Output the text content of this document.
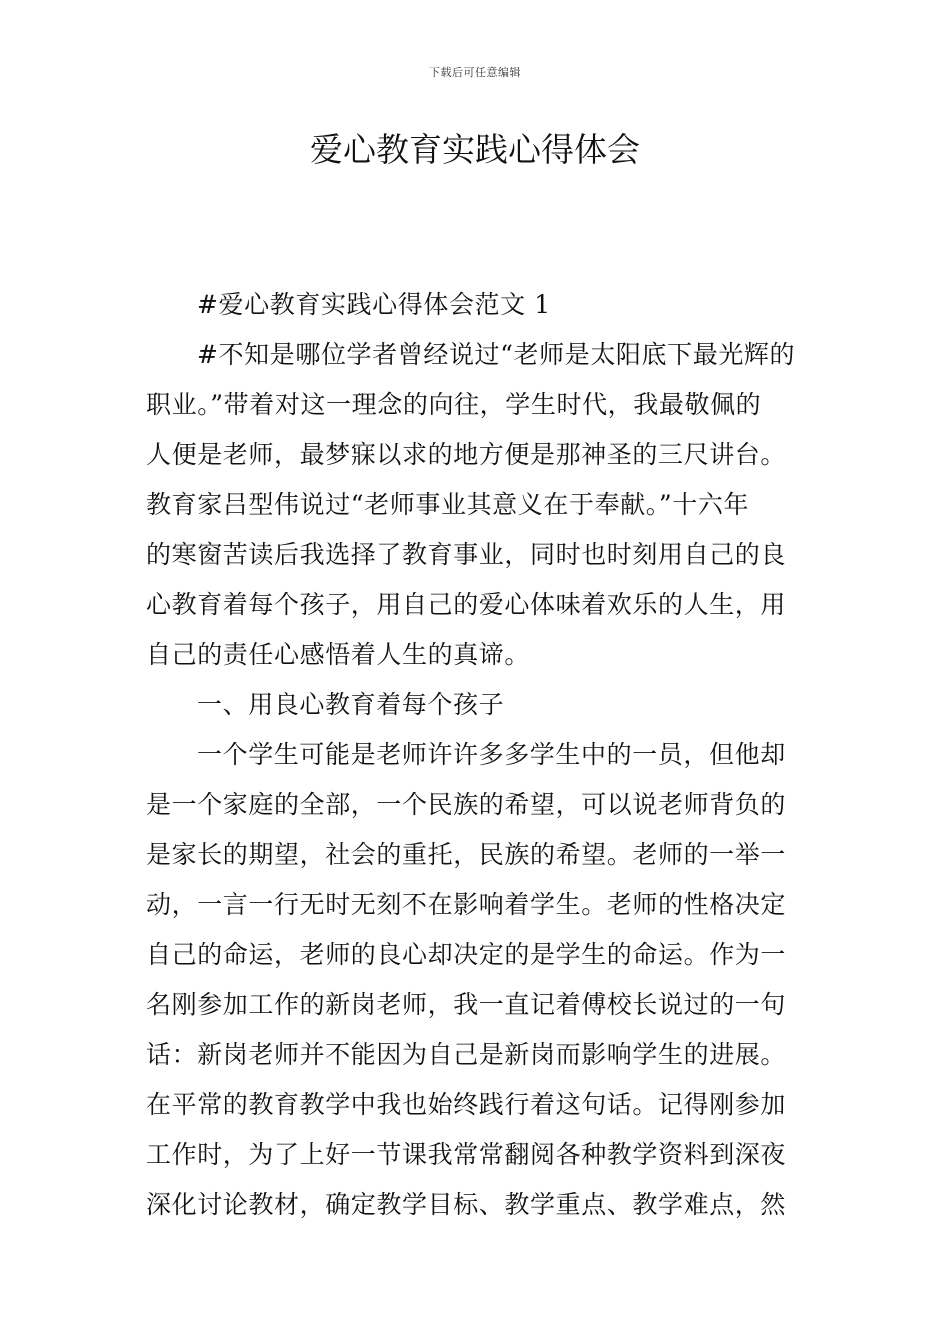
下载后可任意编辑
爱心教育实践心得体会
#爱心教育实践心得体会范文 1
#不知是哪位学者曾经说过“老师是太阳底下最光辉的
职业。”带着对这一理念的向往，学生时代，我最敬佩的
人便是老师，最梦寐以求的地方便是那神圣的三尺讲台。
教育家吕型伟说过“老师事业其意义在于奉献。”十六年
的寒窗苦读后我选择了教育事业，同时也时刻用自己的良
心教育着每个孩子，用自己的爱心体味着欢乐的人生，用
自己的责任心感悟着人生的真谛。
一、用良心教育着每个孩子
一个学生可能是老师许许多多学生中的一员，但他却
是一个家庭的全部，一个民族的希望，可以说老师背负的
是家长的期望，社会的重托，民族的希望。老师的一举一
动，一言一行无时无刻不在影响着学生。老师的性格决定
自己的命运，老师的良心却决定的是学生的命运。作为一
名刚参加工作的新岗老师，我一直记着傅校长说过的一句
话：新岗老师并不能因为自己是新岗而影响学生的进展。
在平常的教育教学中我也始终践行着这句话。记得刚参加
工作时，为了上好一节课我常常翻阅各种教学资料到深夜
深化讨论教材，确定教学目标、教学重点、教学难点，然
